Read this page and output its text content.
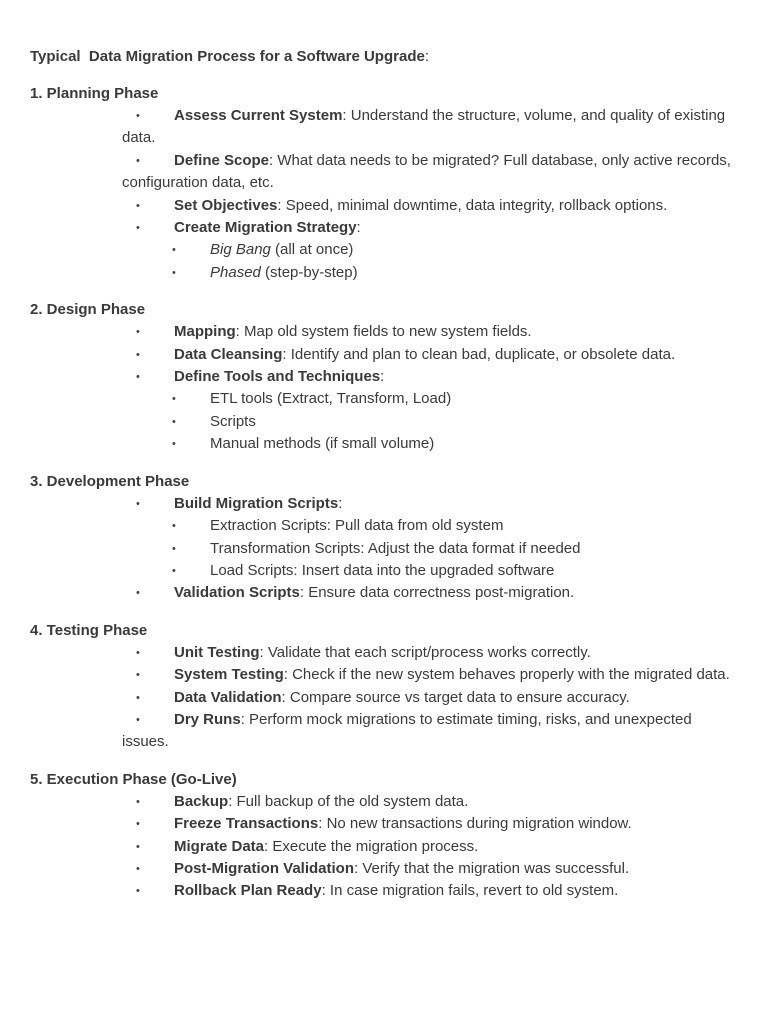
Typical  Data Migration Process for a Software Upgrade:
1. Planning Phase
• Assess Current System: Understand the structure, volume, and quality of existing data.
• Define Scope: What data needs to be migrated? Full database, only active records, configuration data, etc.
• Set Objectives: Speed, minimal downtime, data integrity, rollback options.
• Create Migration Strategy:
• Big Bang (all at once)
• Phased (step-by-step)
2. Design Phase
• Mapping: Map old system fields to new system fields.
• Data Cleansing: Identify and plan to clean bad, duplicate, or obsolete data.
• Define Tools and Techniques:
• ETL tools (Extract, Transform, Load)
• Scripts
• Manual methods (if small volume)
3. Development Phase
• Build Migration Scripts:
• Extraction Scripts: Pull data from old system
• Transformation Scripts: Adjust the data format if needed
• Load Scripts: Insert data into the upgraded software
• Validation Scripts: Ensure data correctness post-migration.
4. Testing Phase
• Unit Testing: Validate that each script/process works correctly.
• System Testing: Check if the new system behaves properly with the migrated data.
• Data Validation: Compare source vs target data to ensure accuracy.
• Dry Runs: Perform mock migrations to estimate timing, risks, and unexpected issues.
5. Execution Phase (Go-Live)
• Backup: Full backup of the old system data.
• Freeze Transactions: No new transactions during migration window.
• Migrate Data: Execute the migration process.
• Post-Migration Validation: Verify that the migration was successful.
• Rollback Plan Ready: In case migration fails, revert to old system.
